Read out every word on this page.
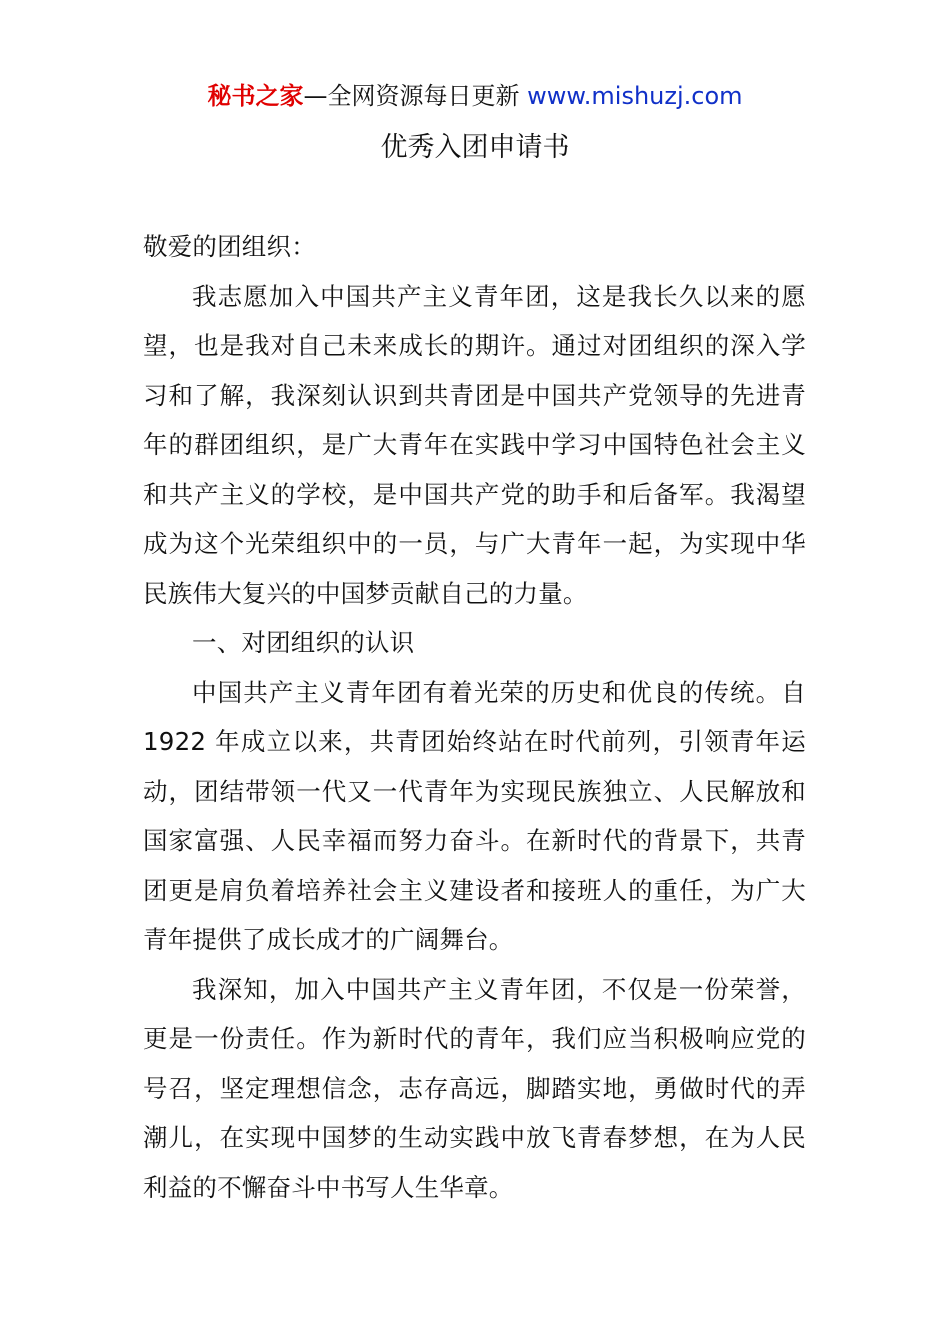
秘书之家—全网资源每日更新 www.mishuzj.com
优秀入团申请书

敬爱的团组织：

我志愿加入中国共产主义青年团，这是我长久以来的愿望，也是我对自己未来成长的期许。通过对团组织的深入学习和了解，我深刻认识到共青团是中国共产党领导的先进青年的群团组织，是广大青年在实践中学习中国特色社会主义和共产主义的学校，是中国共产党的助手和后备军。我渴望成为这个光荣组织中的一员，与广大青年一起，为实现中华民族伟大复兴的中国梦贡献自己的力量。

一、对团组织的认识

中国共产主义青年团有着光荣的历史和优良的传统。自 1922 年成立以来，共青团始终站在时代前列，引领青年运动，团结带领一代又一代青年为实现民族独立、人民解放和国家富强、人民幸福而努力奋斗。在新时代的背景下，共青团更是肩负着培养社会主义建设者和接班人的重任，为广大青年提供了成长成才的广阔舞台。

我深知，加入中国共产主义青年团，不仅是一份荣誉，更是一份责任。作为新时代的青年，我们应当积极响应党的号召，坚定理想信念，志存高远，脚踏实地，勇做时代的弄潮儿，在实现中国梦的生动实践中放飞青春梦想，在为人民利益的不懈奋斗中书写人生华章。
